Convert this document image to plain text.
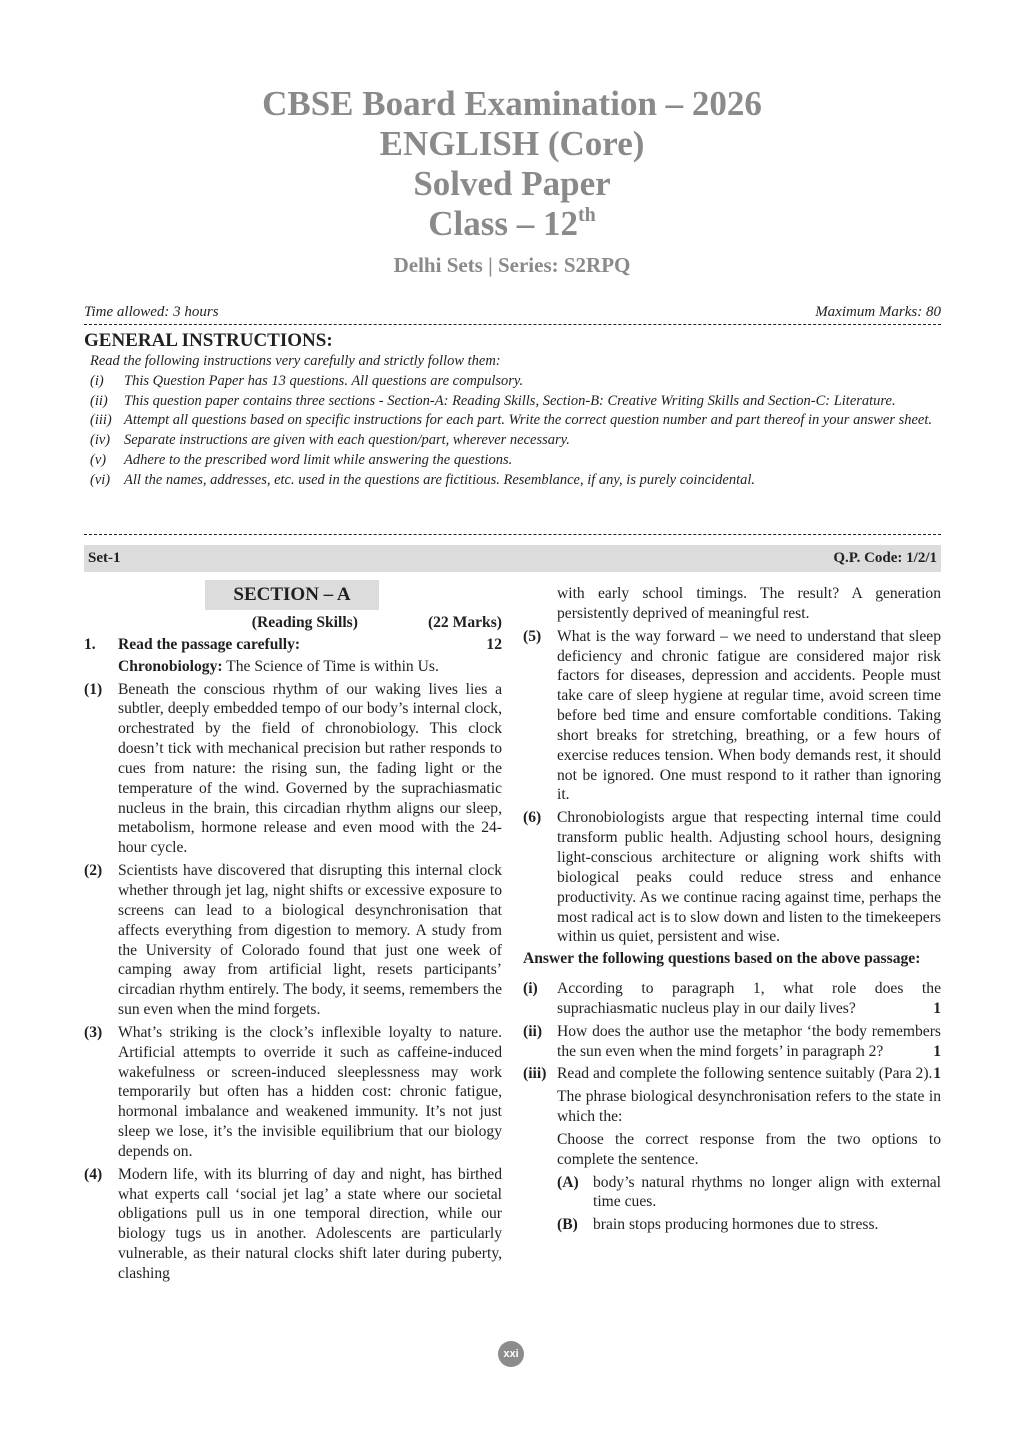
CBSE Board Examination – 2026
ENGLISH (Core)
Solved Paper
Class – 12th
Delhi Sets | Series: S2RPQ
Time allowed: 3 hours	Maximum Marks: 80
GENERAL INSTRUCTIONS:
Read the following instructions very carefully and strictly follow them:
(i)	This Question Paper has 13 questions. All questions are compulsory.
(ii)	This question paper contains three sections - Section-A: Reading Skills, Section-B: Creative Writing Skills and Section-C: Literature.
(iii) Attempt all questions based on specific instructions for each part. Write the correct question number and part thereof in your answer sheet.
(iv) Separate instructions are given with each question/part, wherever necessary.
(v)	Adhere to the prescribed word limit while answering the questions.
(vi) All the names, addresses, etc. used in the questions are fictitious. Resemblance, if any, is purely coincidental.
Set-1	Q.P. Code: 1/2/1
SECTION – A
(Reading Skills)	(22 Marks)
1.	Read the passage carefully:	12
Chronobiology: The Science of Time is within Us.
(1)	Beneath the conscious rhythm of our waking lives lies a subtler, deeply embedded tempo of our body’s internal clock, orchestrated by the field of chronobiology. This clock doesn’t tick with mechanical precision but rather responds to cues from nature: the rising sun, the fading light or the temperature of the wind. Governed by the suprachiasmatic nucleus in the brain, this circadian rhythm aligns our sleep, metabolism, hormone release and even mood with the 24-hour cycle.
(2)	Scientists have discovered that disrupting this internal clock whether through jet lag, night shifts or excessive exposure to screens can lead to a biological desynchronisation that affects everything from digestion to memory. A study from the University of Colorado found that just one week of camping away from artificial light, resets participants’ circadian rhythm entirely. The body, it seems, remembers the sun even when the mind forgets.
(3)	What’s striking is the clock’s inflexible loyalty to nature. Artificial attempts to override it such as caffeine-induced wakefulness or screen-induced sleeplessness may work temporarily but often has a hidden cost: chronic fatigue, hormonal imbalance and weakened immunity. It’s not just sleep we lose, it’s the invisible equilibrium that our biology depends on.
(4)	Modern life, with its blurring of day and night, has birthed what experts call ‘social jet lag’ a state where our societal obligations pull us in one temporal direction, while our biology tugs us in another. Adolescents are particularly vulnerable, as their natural clocks shift later during puberty, clashing
with early school timings. The result? A generation persistently deprived of meaningful rest.
(5)	What is the way forward – we need to understand that sleep deficiency and chronic fatigue are considered major risk factors for diseases, depression and accidents. People must take care of sleep hygiene at regular time, avoid screen time before bed time and ensure comfortable conditions. Taking short breaks for stretching, breathing, or a few hours of exercise reduces tension. When body demands rest, it should not be ignored. One must respond to it rather than ignoring it.
(6)	Chronobiologists argue that respecting internal time could transform public health. Adjusting school hours, designing light-conscious architecture or aligning work shifts with biological peaks could reduce stress and enhance productivity. As we continue racing against time, perhaps the most radical act is to slow down and listen to the timekeepers within us quiet, persistent and wise.
Answer the following questions based on the above passage:
(i)	According to paragraph 1, what role does the suprachiasmatic nucleus play in our daily lives?	1
(ii) How does the author use the metaphor ‘the body remembers the sun even when the mind forgets’ in paragraph 2?	1
(iii) Read and complete the following sentence suitably (Para 2). 1
The phrase biological desynchronisation refers to the state in which the:
Choose the correct response from the two options to complete the sentence.
(A) body’s natural rhythms no longer align with external time cues.
(B) brain stops producing hormones due to stress.
xxi
